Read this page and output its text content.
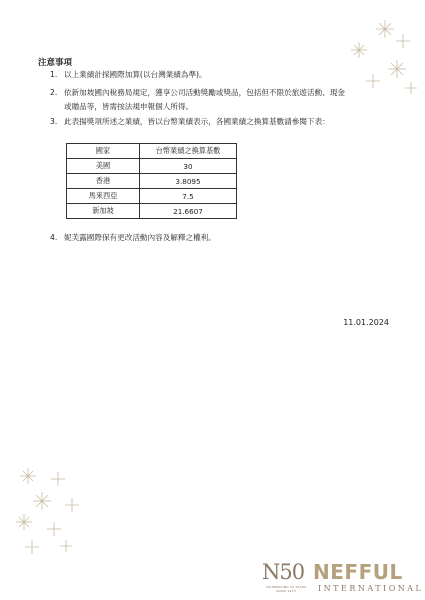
注意事項
1. 以上業績計採國際加算(以台灣業績為準)。
2. 依新加坡國內稅務局規定，獲享公司活動獎勵或獎品，包括但不限於旅遊活動、現金
或贈品等，皆需按法規申報個人所得。
3. 此表揚獎項所述之業績，皆以台幣業績表示，各國業績之換算基數請參閱下表：
國家	台幣業績之換算基數
美國	30
香港	3.8095
馬來西亞	7.5
新加坡	21.6607
4. 妮芙露國際保有更改活動內容及解釋之權利。
11.01.2024
N50 NEFFUL
INTERNATIONAL
CELEBRATING 50 YEARS
SINCE 1973
